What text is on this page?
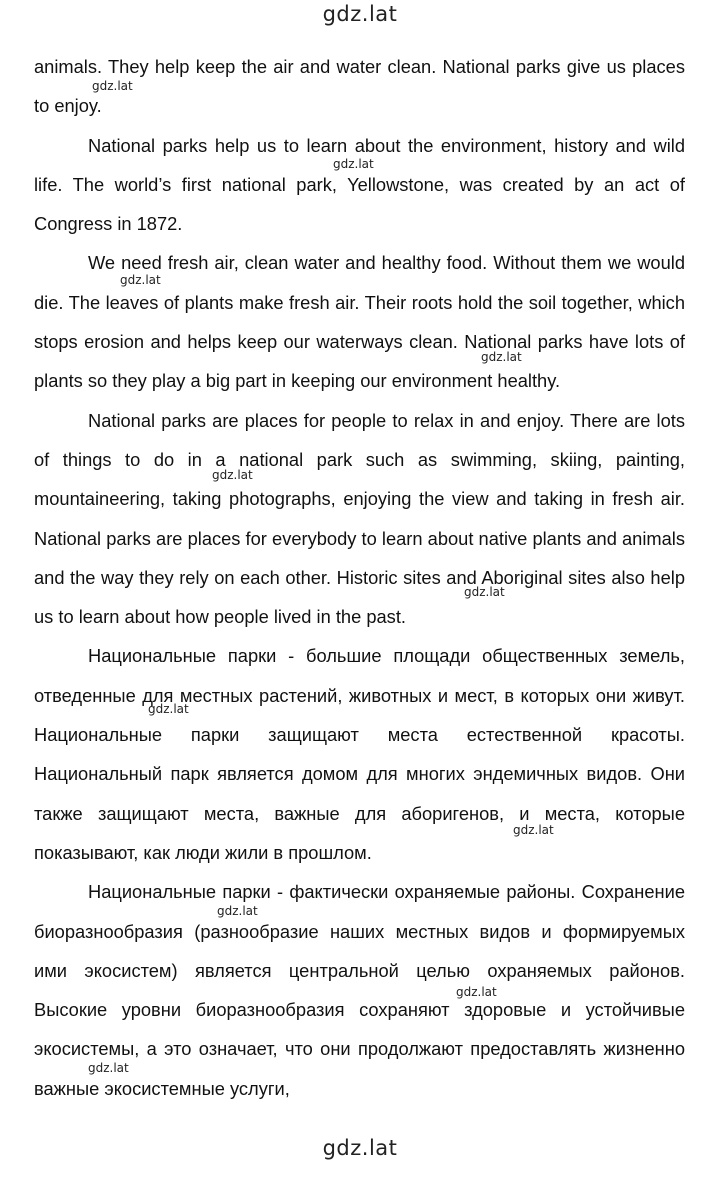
gdz.lat

animals. They help keep the air and water clean. National parks give us places to enjoy.

National parks help us to learn about the environment, history and wild life. The world’s first national park, Yellowstone, was created by an act of Congress in 1872.

We need fresh air, clean water and healthy food. Without them we would die. The leaves of plants make fresh air. Their roots hold the soil together, which stops erosion and helps keep our waterways clean. National parks have lots of plants so they play a big part in keeping our environment healthy.

National parks are places for people to relax in and enjoy. There are lots of things to do in a national park such as swimming, skiing, painting, mountaineering, taking photographs, enjoying the view and taking in fresh air. National parks are places for everybody to learn about native plants and animals and the way they rely on each other. Historic sites and Aboriginal sites also help us to learn about how people lived in the past.

Национальные парки - большие площади общественных земель, отведенные для местных растений, животных и мест, в которых они живут. Национальные парки защищают места естественной красоты. Национальный парк является домом для многих эндемичных видов. Они также защищают места, важные для аборигенов, и места, которые показывают, как люди жили в прошлом.

Национальные парки - фактически охраняемые районы. Сохранение биоразнообразия (разнообразие наших местных видов и формируемых ими экосистем) является центральной целью охраняемых районов. Высокие уровни биоразнообразия сохраняют здоровые и устойчивые экосистемы, а это означает, что они продолжают предоставлять жизненно важные экосистемные услуги,

gdz.lat
gdz.lat
gdz.lat
gdz.lat
gdz.lat
gdz.lat
gdz.lat
gdz.lat
gdz.lat
gdz.lat
gdz.lat
gdz.lat
